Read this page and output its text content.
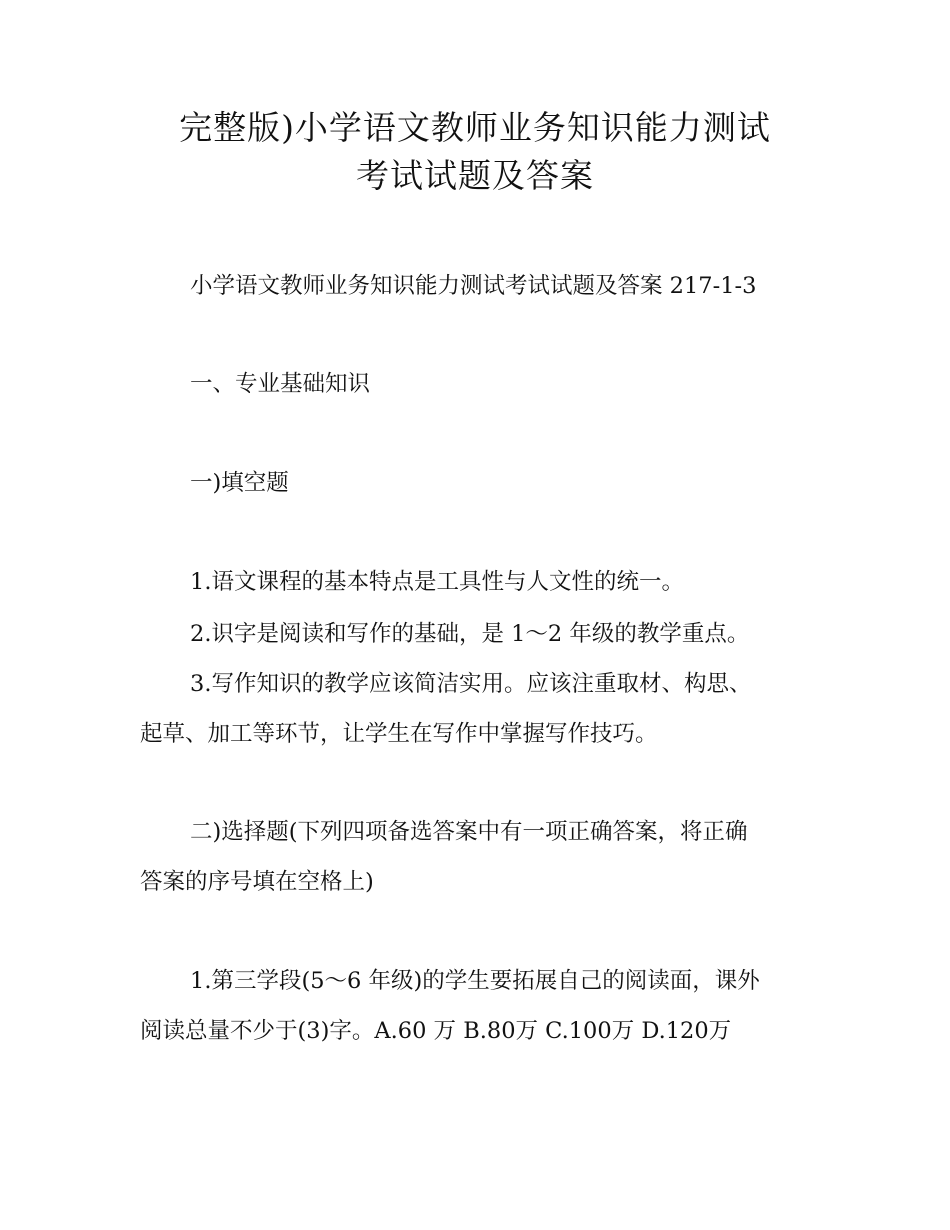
完整版)小学语文教师业务知识能力测试
考试试题及答案
小学语文教师业务知识能力测试考试试题及答案 217-1-3
一、专业基础知识
一)填空题
1.语文课程的基本特点是工具性与人文性的统一。
2.识字是阅读和写作的基础，是 1～2 年级的教学重点。
3.写作知识的教学应该简洁实用。应该注重取材、构思、
起草、加工等环节，让学生在写作中掌握写作技巧。
二)选择题(下列四项备选答案中有一项正确答案，将正确
答案的序号填在空格上)
1.第三学段(5～6 年级)的学生要拓展自己的阅读面，课外
阅读总量不少于(3)字。A.60 万 B.80万 C.100万 D.120万
